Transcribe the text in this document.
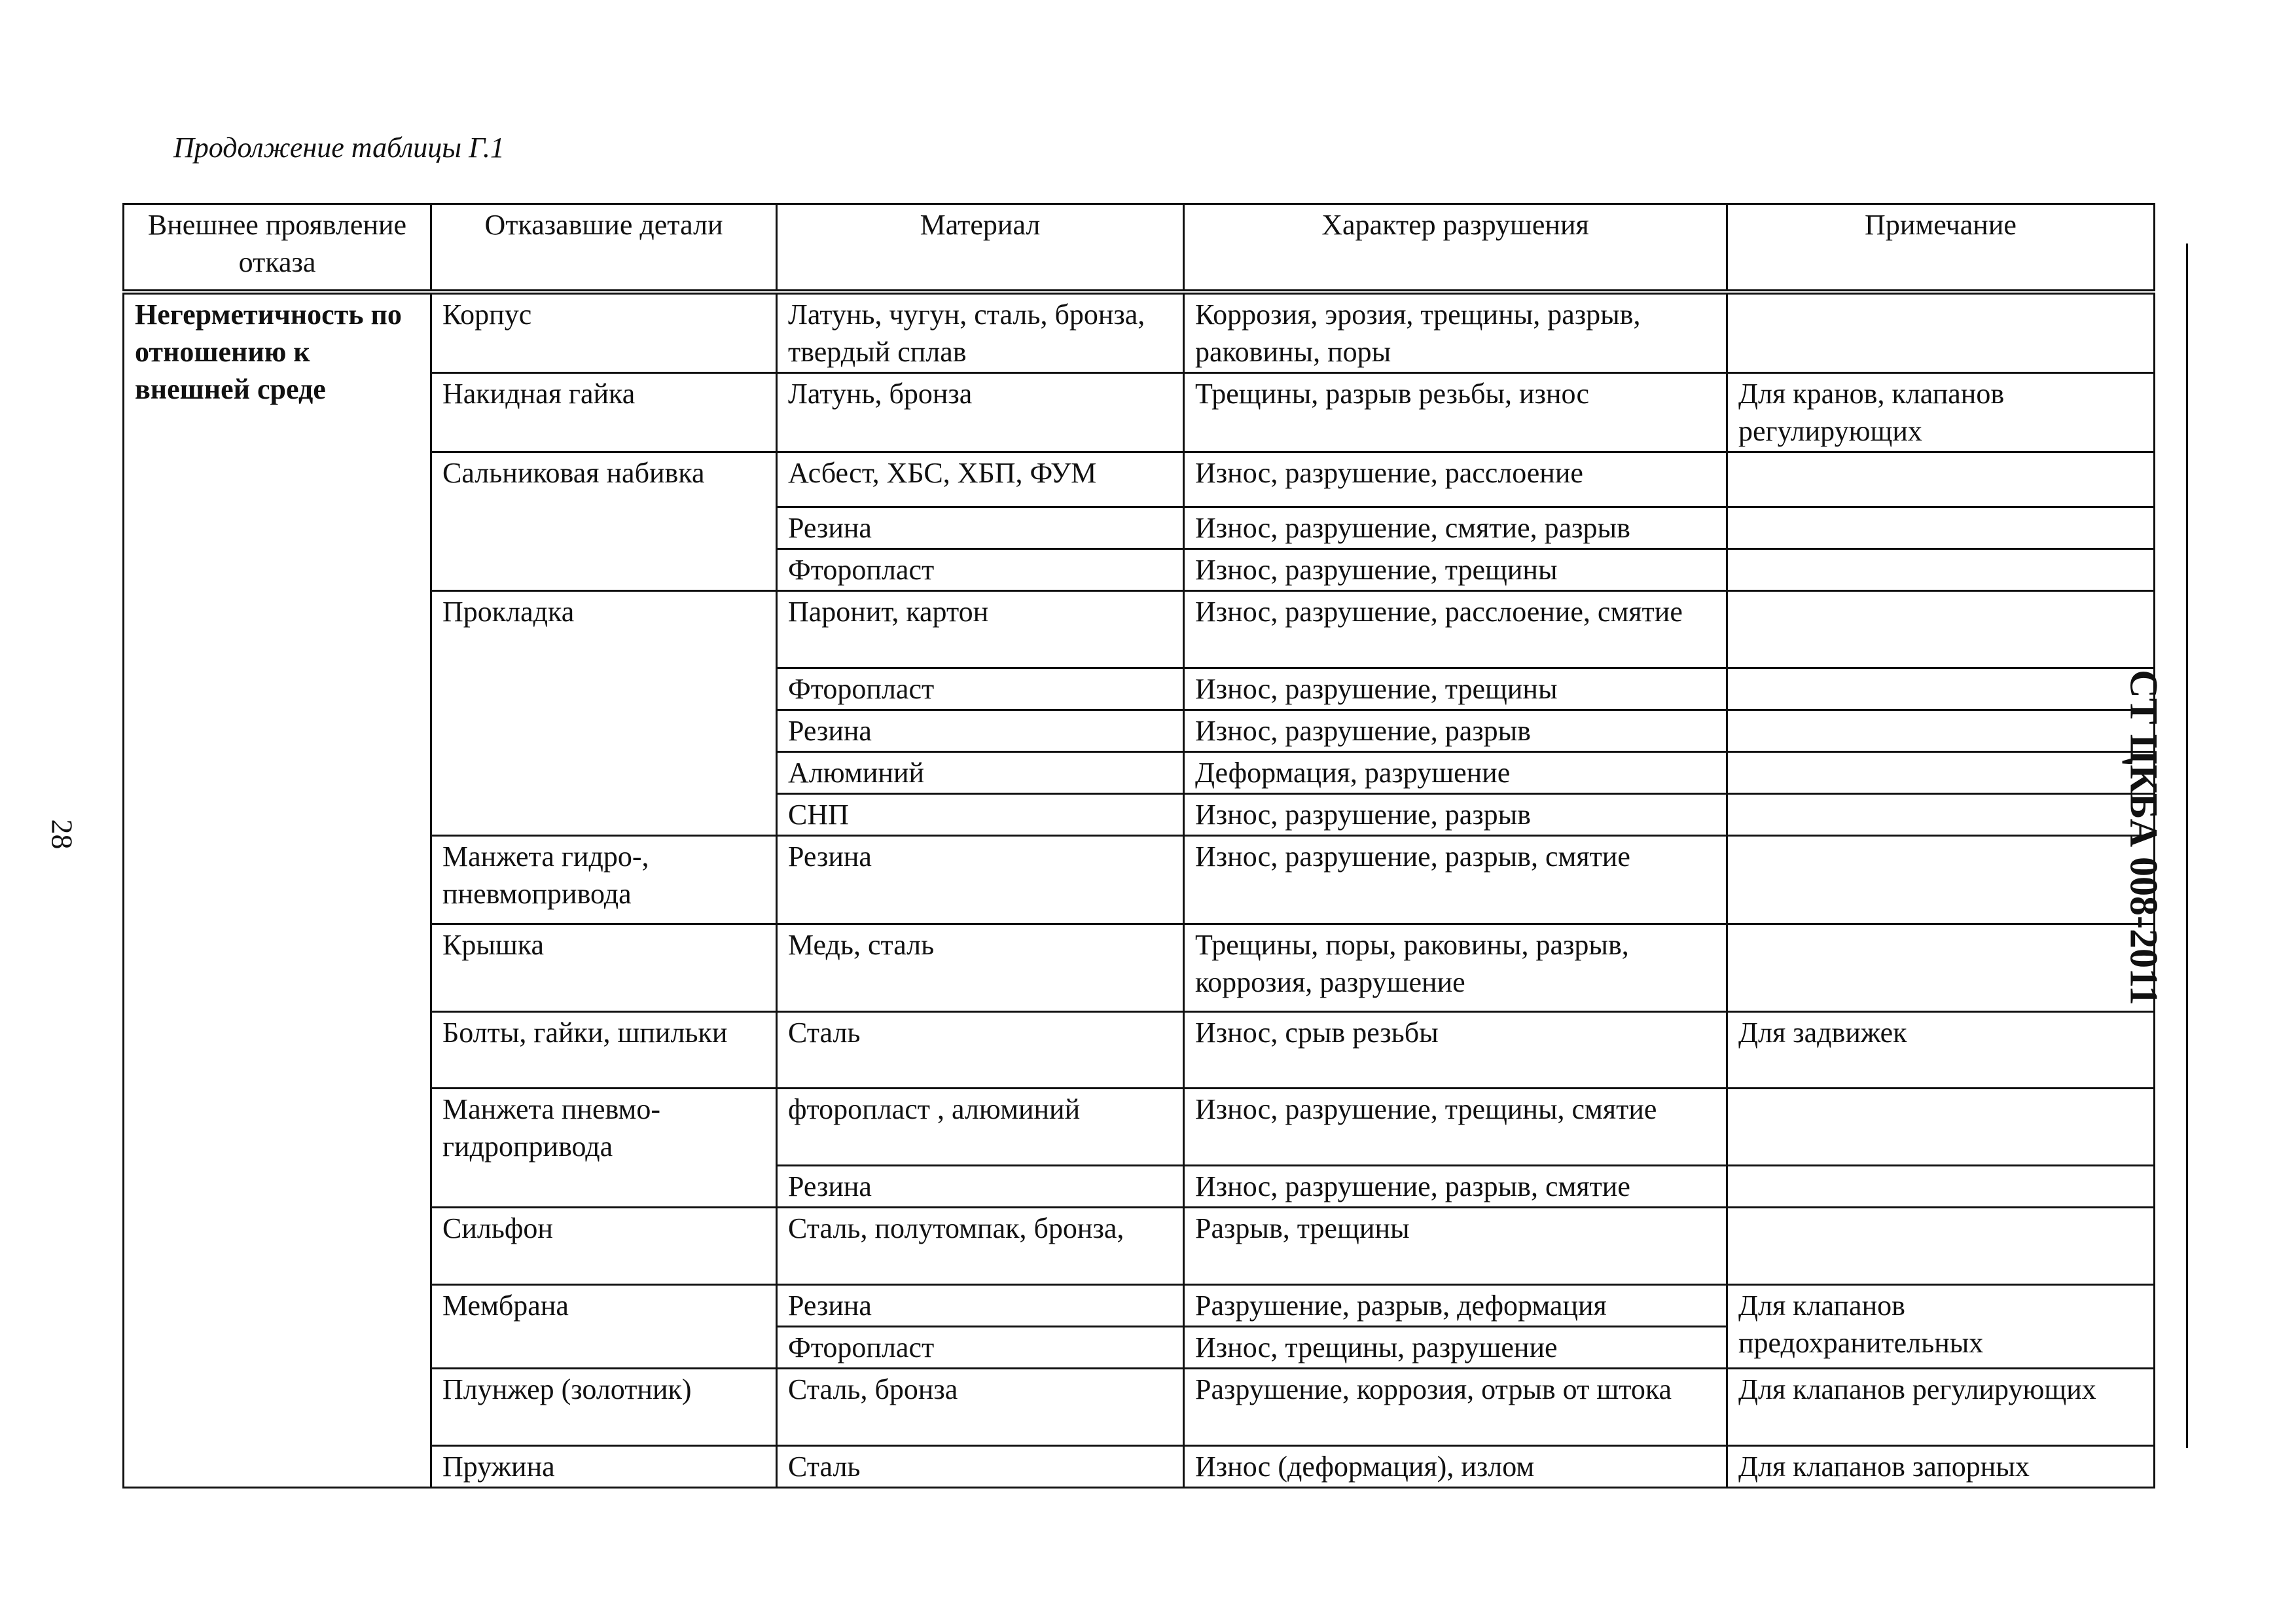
Продолжение таблицы Г.1
28	СТ ЦКБА 008-2011
Внешнее проявление отказа	Отказавшие детали	Материал	Характер разрушения	Примечание
Негерметичность по отношению к внешней среде	Корпус	Латунь, чугун, сталь, бронза, твердый сплав	Коррозия, эрозия, трещины, разрыв, раковины, поры	
	Накидная гайка	Латунь, бронза	Трещины, разрыв резьбы, износ	Для кранов, клапанов регулирующих
	Сальниковая набивка	Асбест, ХБС, ХБП, ФУМ	Износ, разрушение, расслоение	
		Резина	Износ, разрушение, смятие, разрыв	
		Фторопласт	Износ, разрушение, трещины	
	Прокладка	Паронит, картон	Износ, разрушение, расслоение, смятие	
		Фторопласт	Износ, разрушение, трещины	
		Резина	Износ, разрушение, разрыв	
		Алюминий	Деформация, разрушение	
		СНП	Износ, разрушение, разрыв	
	Манжета гидро-, пневмопривода	Резина	Износ, разрушение, разрыв, смятие	
	Крышка	Медь, сталь	Трещины, поры, раковины, разрыв, коррозия, разрушение	
	Болты, гайки, шпильки	Сталь	Износ, срыв резьбы	Для задвижек
	Манжета пневмо-гидропривода	фторопласт , алюминий	Износ, разрушение, трещины, смятие	
		Резина	Износ, разрушение, разрыв, смятие	
	Сильфон	Сталь, полутомпак, бронза,	Разрыв, трещины	
	Мембрана	Резина	Разрушение, разрыв, деформация	Для клапанов предохранительных
		Фторопласт	Износ, трещины, разрушение	
	Плунжер (золотник)	Сталь, бронза	Разрушение, коррозия, отрыв от штока	Для клапанов регулирующих
	Пружина	Сталь	Износ (деформация), излом	Для клапанов запорных
